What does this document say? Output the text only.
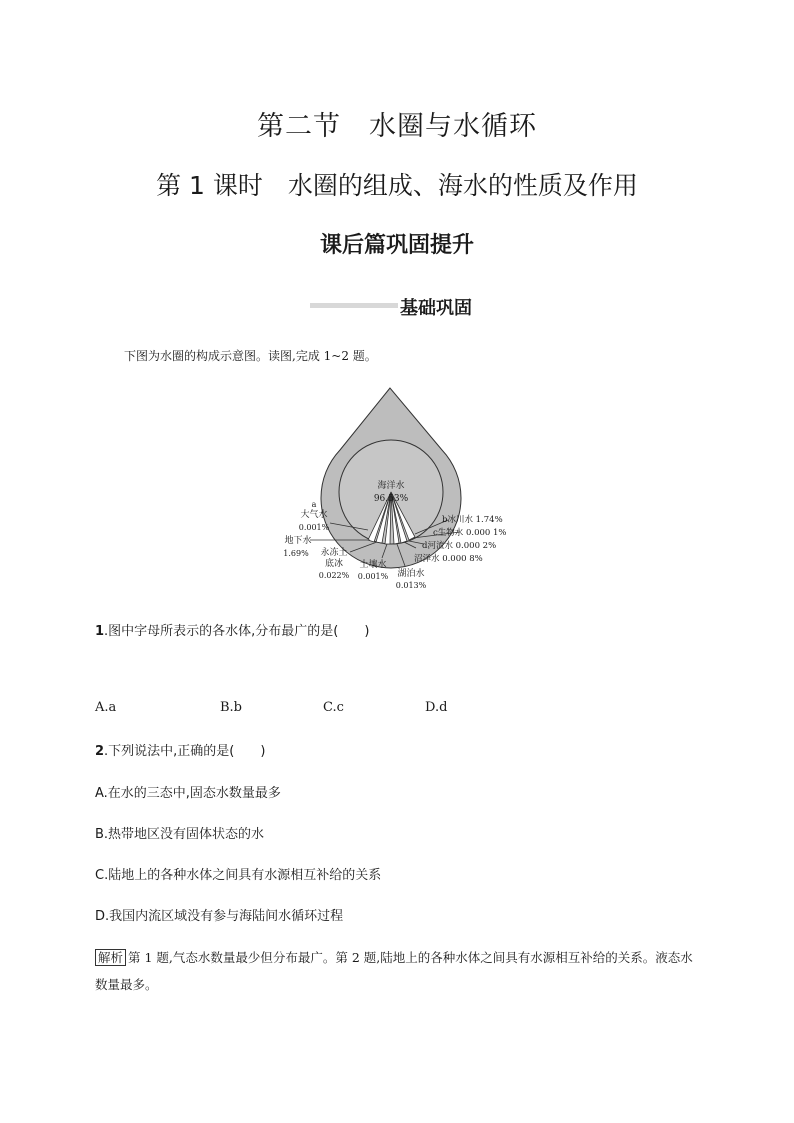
第二节　水圈与水循环
第 1 课时　水圈的组成、海水的性质及作用
课后篇巩固提升
基础巩固
下图为水圈的构成示意图。读图,完成 1~2 题。
海洋水
96.53%
a
大气水
0.001%
地下水
1.69% 永冻土
底冰
0.022%
土壤水
0.001% 湖泊水
0.013%
b冰川水 1.74%
c生物水 0.000 1%
d河流水 0.000 2%
沼泽水 0.000 8%
1.图中字母所表示的各水体,分布最广的是(　　)
A.a	B.b	C.c	D.d
2.下列说法中,正确的是(　　)
A.在水的三态中,固态水数量最多
B.热带地区没有固体状态的水
C.陆地上的各种水体之间具有水源相互补给的关系
D.我国内流区域没有参与海陆间水循环过程
解析 第 1 题,气态水数量最少但分布最广。第 2 题,陆地上的各种水体之间具有水源相互补给的关系。液态水数量最多。
